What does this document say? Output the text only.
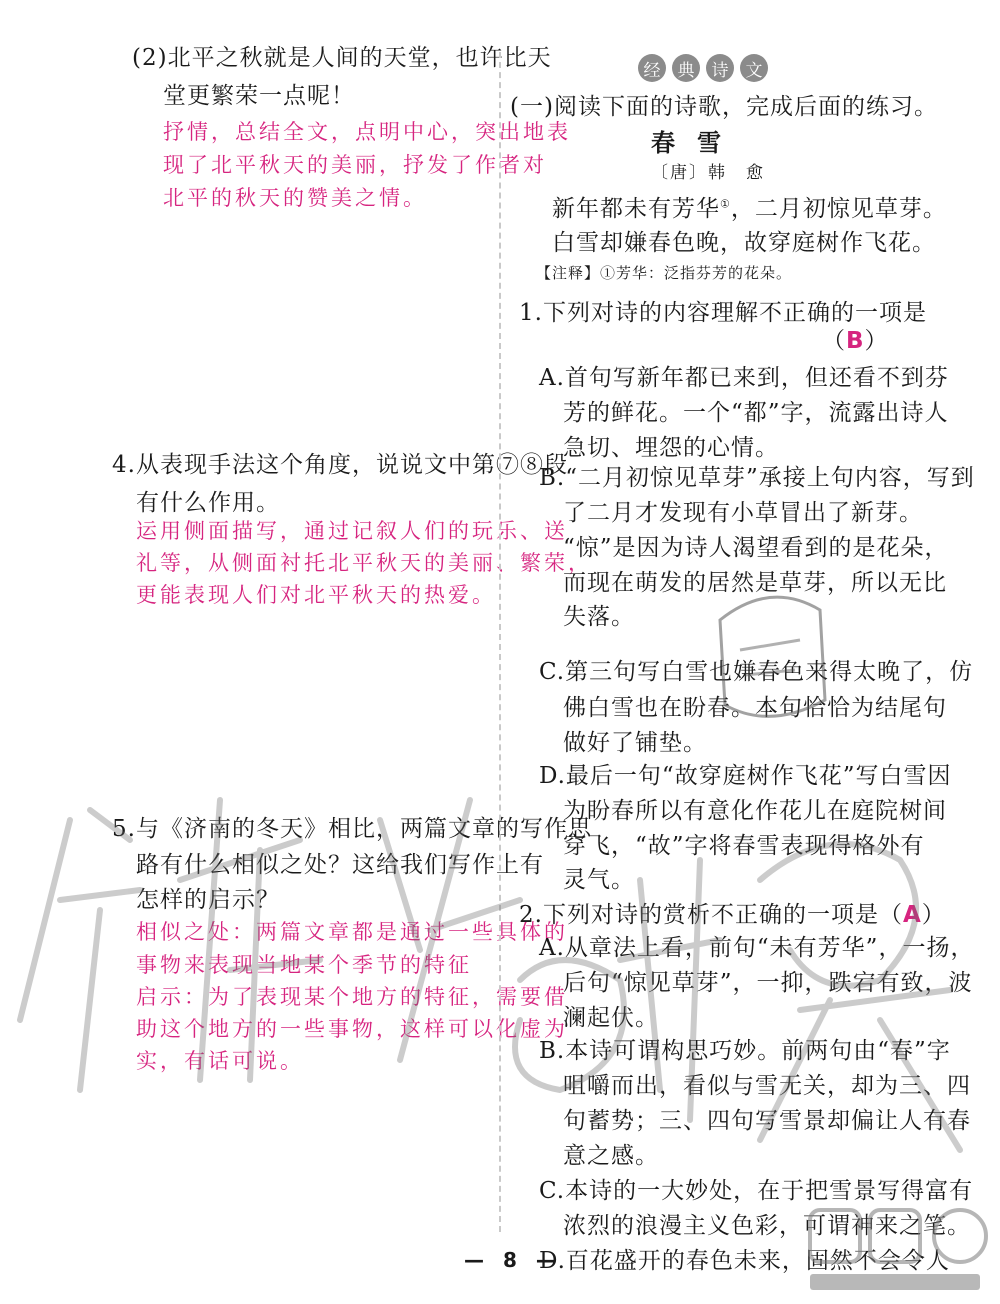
(2)北平之秋就是人间的天堂，也许比天
堂更繁荣一点呢！
抒情，总结全文，点明中心，突出地表
现了北平秋天的美丽，抒发了作者对
北平的秋天的赞美之情。
4.从表现手法这个角度，说说文中第⑦⑧段
有什么作用。
运用侧面描写，通过记叙人们的玩乐、送
礼等，从侧面衬托北平秋天的美丽、繁荣，
更能表现人们对北平秋天的热爱。
5.与《济南的冬天》相比，两篇文章的写作思
路有什么相似之处？这给我们写作上有
怎样的启示？
相似之处：两篇文章都是通过一些具体的
事物来表现当地某个季节的特征
启示：为了表现某个地方的特征，需要借
助这个地方的一些事物，这样可以化虚为
实，有话可说。
经	典	诗	文
(一)阅读下面的诗歌，完成后面的练习。
春雪
〔唐〕韩　愈
新年都未有芳华①，二月初惊见草芽。
白雪却嫌春色晚，故穿庭树作飞花。
【注释】①芳华：泛指芬芳的花朵。
1.下列对诗的内容理解不正确的一项是
（B）
A.首句写新年都已来到，但还看不到芬
芳的鲜花。一个“都”字，流露出诗人
急切、埋怨的心情。
B.“二月初惊见草芽”承接上句内容，写到
了二月才发现有小草冒出了新芽。
“惊”是因为诗人渴望看到的是花朵，
而现在萌发的居然是草芽，所以无比
失落。
C.第三句写白雪也嫌春色来得太晚了，仿
佛白雪也在盼春。本句恰恰为结尾句
做好了铺垫。
D.最后一句“故穿庭树作飞花”写白雪因
为盼春所以有意化作花儿在庭院树间
穿飞，“故”字将春雪表现得格外有
灵气。
2.下列对诗的赏析不正确的一项是（A）
A.从章法上看，前句“未有芳华”，一扬，
后句“惊见草芽”，一抑，跌宕有致，波
澜起伏。
B.本诗可谓构思巧妙。前两句由“春”字
咀嚼而出，看似与雪无关，却为三、四
句蓄势；三、四句写雪景却偏让人有春
意之感。
C.本诗的一大妙处，在于把雪景写得富有
浓烈的浪漫主义色彩，可谓神来之笔。
D.百花盛开的春色未来，固然不会令人
— 8 —
